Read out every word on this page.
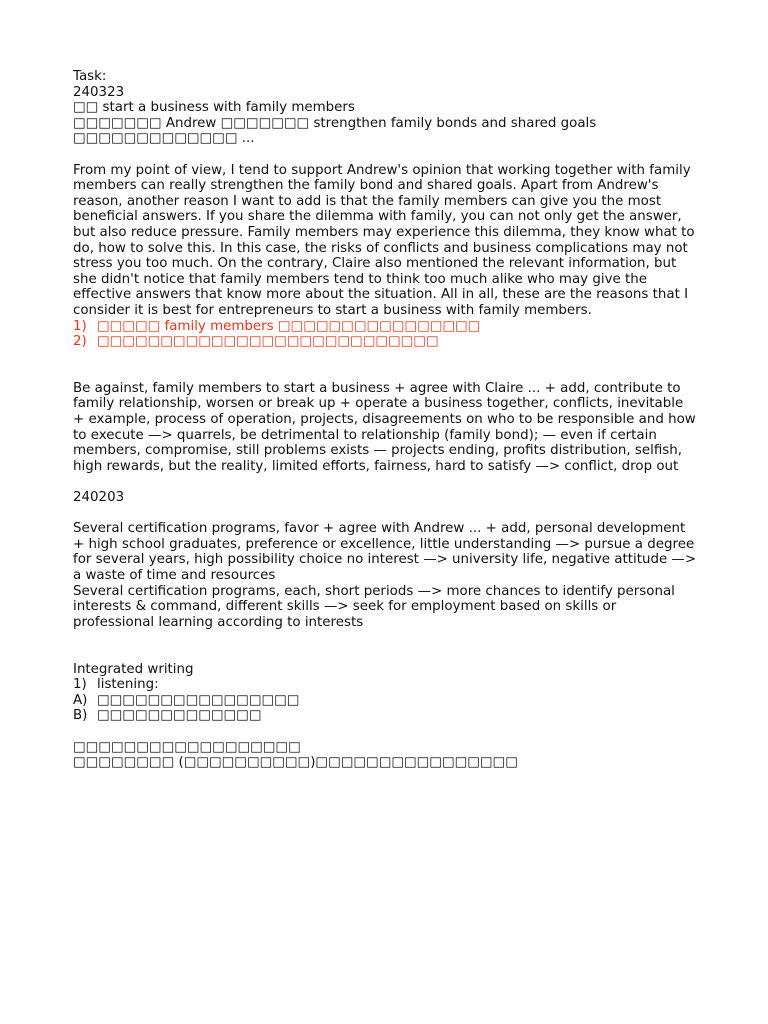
Task:
240323
□□ start a business with family members
□□□□□□□ Andrew □□□□□□□ strengthen family bonds and shared goals
□□□□□□□□□□□□□ ...
From my point of view, I tend to support Andrew's opinion that working together with family members can really strengthen the family bond and shared goals. Apart from Andrew's reason, another reason I want to add is that the family members can give you the most beneficial answers. If you share the dilemma with family, you can not only get the answer, but also reduce pressure. Family members may experience this dilemma, they know what to do, how to solve this. In this case, the risks of conflicts and business complications may not stress you too much. On the contrary, Claire also mentioned the relevant information, but she didn't notice that family members tend to think too much alike who may give the effective answers that know more about the situation. All in all, these are the reasons that I consider it is best for entrepreneurs to start a business with family members.
1) □□□□□ family members □□□□□□□□□□□□□□□□
2) □□□□□□□□□□□□□□□□□□□□□□□□□□□
Be against, family members to start a business + agree with Claire ... + add, contribute to family relationship, worsen or break up + operate a business together, conflicts, inevitable + example, process of operation, projects, disagreements on who to be responsible and how to execute —> quarrels, be detrimental to relationship (family bond); — even if certain members, compromise, still problems exists — projects ending, profits distribution, selfish, high rewards, but the reality, limited efforts, fairness, hard to satisfy —> conflict, drop out
240203
Several certification programs, favor + agree with Andrew ... + add, personal development + high school graduates, preference or excellence, little understanding —> pursue a degree for several years, high possibility choice no interest —> university life, negative attitude —> a waste of time and resources
Several certification programs, each, short periods —> more chances to identify personal interests & command, different skills —> seek for employment based on skills or professional learning according to interests
Integrated writing
1) listening:
A) □□□□□□□□□□□□□□□□
B) □□□□□□□□□□□□□
□□□□□□□□□□□□□□□□□□
□□□□□□□□ (□□□□□□□□□□)□□□□□□□□□□□□□□□□
